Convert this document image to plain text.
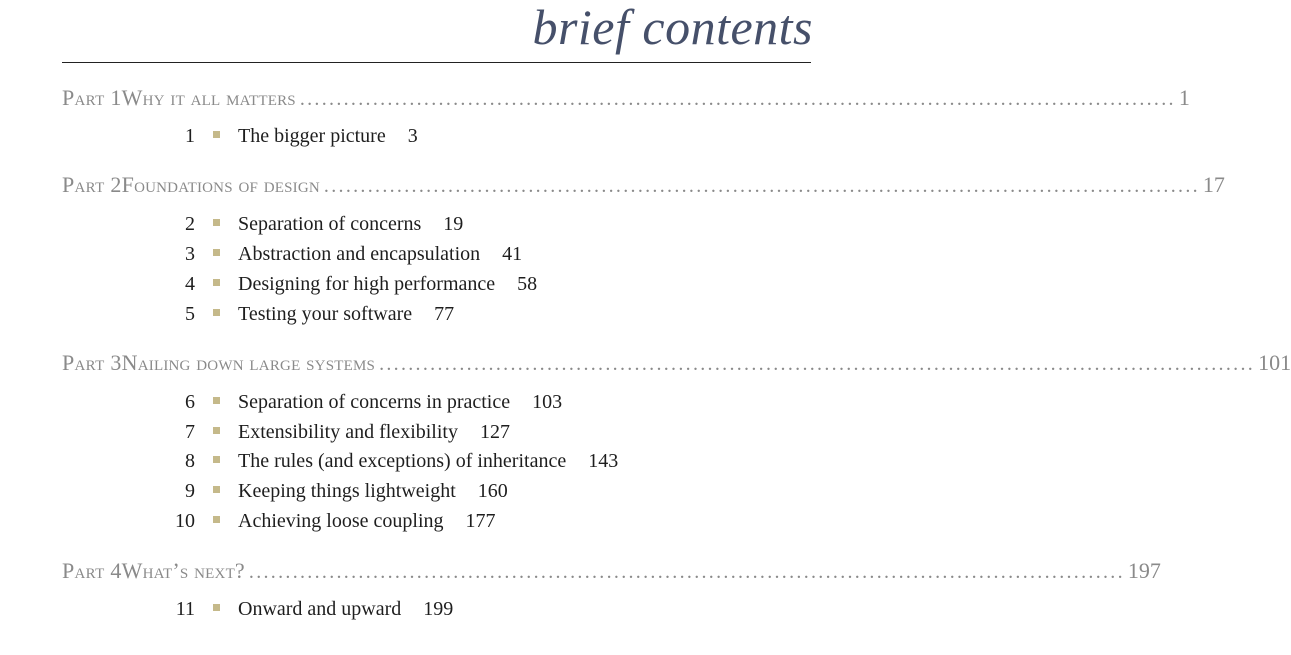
brief contents
Part 1 Why it all matters ........................................................................................................................ 1
1 The bigger picture 3
Part 2 Foundations of design ........................................................................................................................ 17
2 Separation of concerns 19
3 Abstraction and encapsulation 41
4 Designing for high performance 58
5 Testing your software 77
Part 3 Nailing down large systems ........................................................................................................................ 101
6 Separation of concerns in practice 103
7 Extensibility and flexibility 127
8 The rules (and exceptions) of inheritance 143
9 Keeping things lightweight 160
10 Achieving loose coupling 177
Part 4 What’s next? ........................................................................................................................ 197
11 Onward and upward 199
